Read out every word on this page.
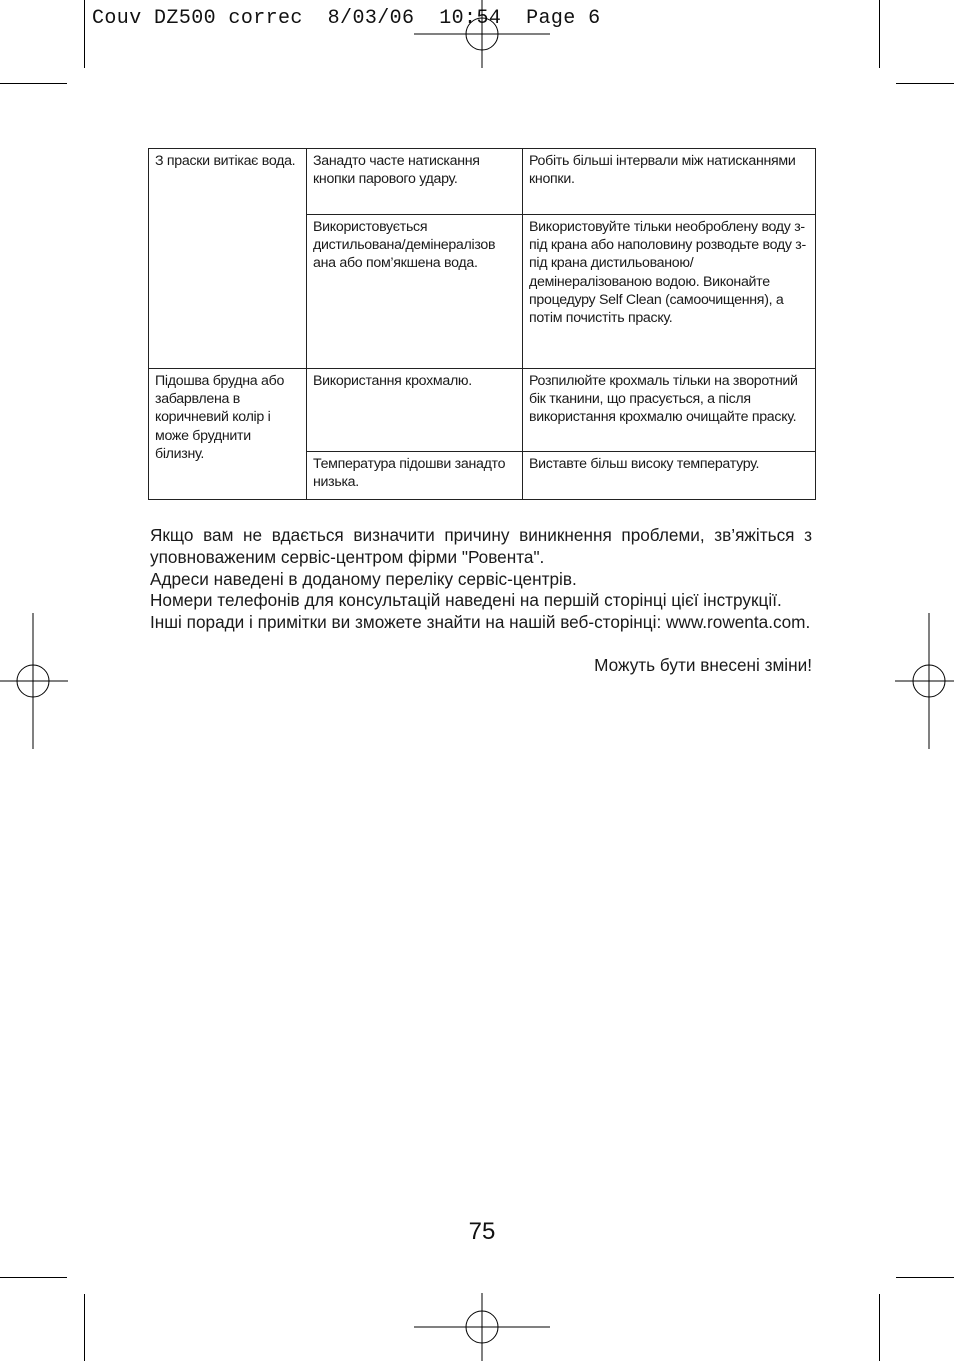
Couv DZ500 correc  8/03/06  10:54  Page 6
З праски витікає вода.	Занадто часте натискання кнопки парового удару.	Робіть більші інтервали між натисканнями кнопки.
	Використовується дистильована/демінералізов ана або пом’якшена вода.	Використовуйте тільки необроблену воду з-під крана або наполовину розводьте воду з-під крана дистильованою/ демінералізованою водою. Виконайте процедуру Self Clean (самоочищення), а потім почистіть праску.
Підошва брудна або забарвлена в коричневий колір і може бруднити білизну.	Використання крохмалю.	Розпилюйте крохмаль тільки на зворотний бік тканини, що прасується, а після використання крохмалю очищайте праску.
	Температура підошви занадто низька.	Виставте більш високу температуру.

Якщо вам не вдається визначити причину виникнення проблеми, зв’яжіться з уповноваженим сервіс-центром фірми "Ровента".

Адреси наведені в доданому переліку сервіс-центрів.

Номери телефонів для консультацій наведені на першій сторінці цієї інструкції.

Інші поради і примітки ви зможете знайти на нашій веб-сторінці: www.rowenta.com.

Можуть бути внесені зміни!

75
